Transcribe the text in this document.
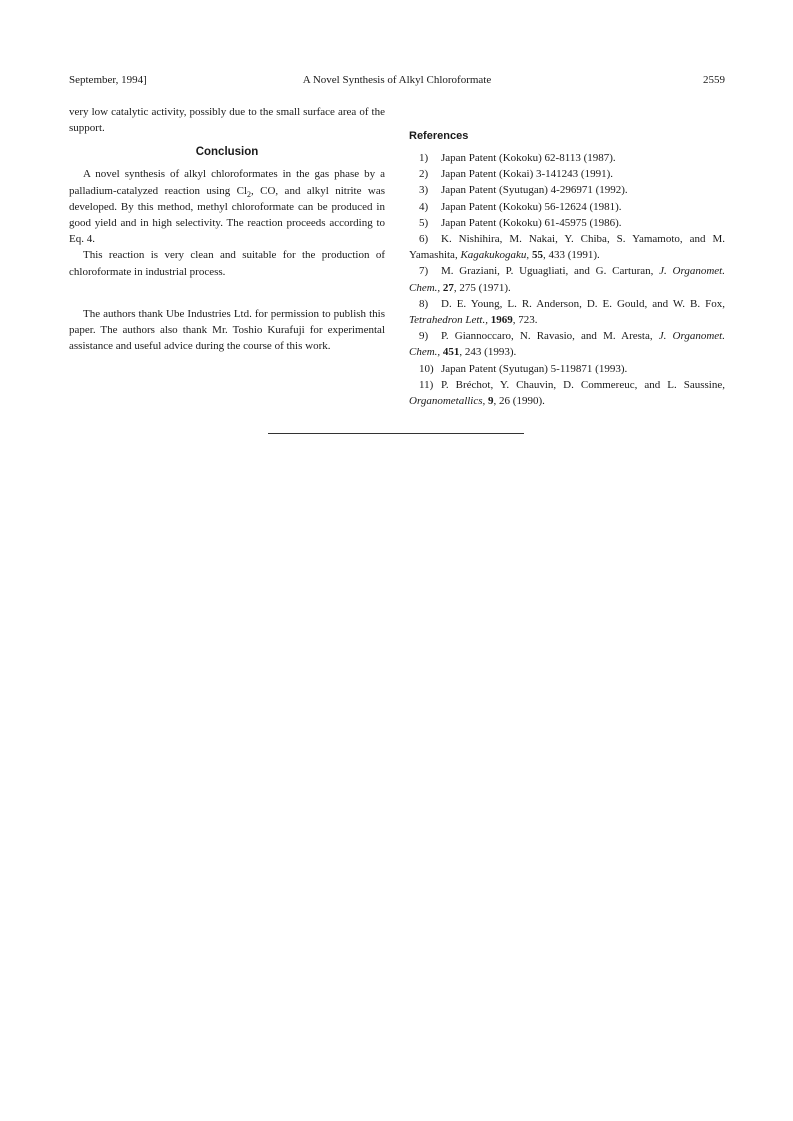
September, 1994]	A Novel Synthesis of Alkyl Chloroformate	2559

very low catalytic activity, possibly due to the small surface area of the support.

Conclusion

A novel synthesis of alkyl chloroformates in the gas phase by a palladium-catalyzed reaction using $Cl_2$, CO, and alkyl nitrite was developed. By this method, methyl chloroformate can be produced in good yield and in high selectivity. The reaction proceeds according to Eq. 4.

This reaction is very clean and suitable for the production of chloroformate in industrial process.

The authors thank Ube Industries Ltd. for permission to publish this paper. The authors also thank Mr. Toshio Kurafuji for experimental assistance and useful advice during the course of this work.

References

1) Japan Patent (Kokoku) 62-8113 (1987).

2) Japan Patent (Kokai) 3-141243 (1991).

3) Japan Patent (Syutugan) 4-296971 (1992).

4) Japan Patent (Kokoku) 56-12624 (1981).

5) Japan Patent (Kokoku) 61-45975 (1986).

6) K. Nishihira, M. Nakai, Y. Chiba, S. Yamamoto, and M. Yamashita, Kagakukogaku, 55, 433 (1991).

7) M. Graziani, P. Uguagliati, and G. Carturan, J. Organomet. Chem., 27, 275 (1971).

8) D. E. Young, L. R. Anderson, D. E. Gould, and W. B. Fox, Tetrahedron Lett., 1969, 723.

9) P. Giannoccaro, N. Ravasio, and M. Aresta, J. Organomet. Chem., 451, 243 (1993).

10) Japan Patent (Syutugan) 5-119871 (1993).

11) P. Bréchot, Y. Chauvin, D. Commereuc, and L. Saussine, Organometallics, 9, 26 (1990).
